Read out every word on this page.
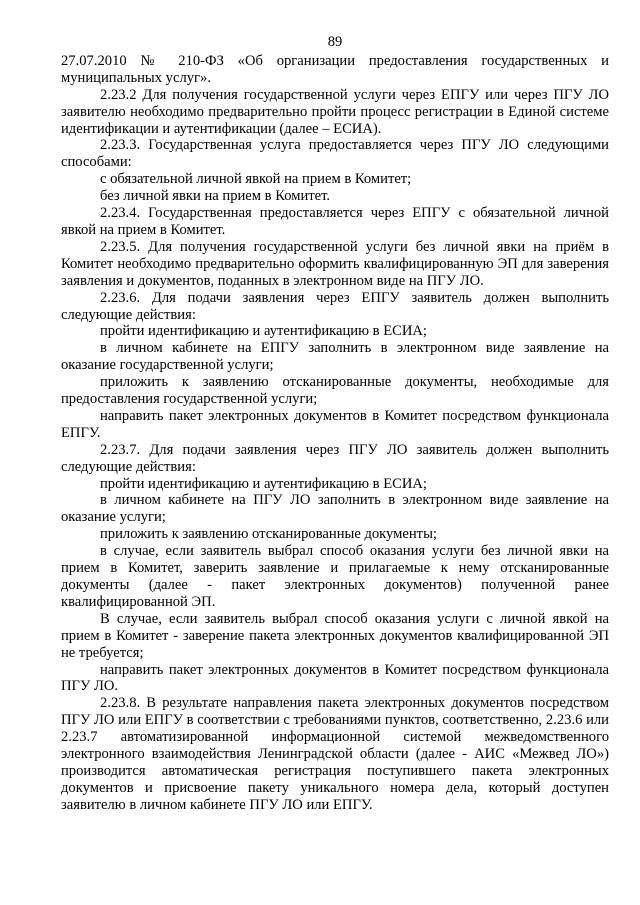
89

27.07.2010 № 210-ФЗ «Об организации предоставления государственных и муниципальных услуг».

2.23.2 Для получения государственной услуги через ЕПГУ или через ПГУ ЛО заявителю необходимо предварительно пройти процесс регистрации в Единой системе идентификации и аутентификации (далее – ЕСИА).

2.23.3. Государственная услуга предоставляется через ПГУ ЛО следующими способами:

с обязательной личной явкой на прием в Комитет;

без личной явки на прием в Комитет.

2.23.4. Государственная предоставляется через ЕПГУ с обязательной личной явкой на прием в Комитет.

2.23.5. Для получения государственной услуги без личной явки на приём в Комитет необходимо предварительно оформить квалифицированную ЭП для заверения заявления и документов, поданных в электронном виде на ПГУ ЛО.

2.23.6. Для подачи заявления через ЕПГУ заявитель должен выполнить следующие действия:

пройти идентификацию и аутентификацию в ЕСИА;

в личном кабинете на ЕПГУ заполнить в электронном виде заявление на оказание государственной услуги;

приложить к заявлению отсканированные документы, необходимые для предоставления государственной услуги;

направить пакет электронных документов в Комитет посредством функционала ЕПГУ.

2.23.7. Для подачи заявления через ПГУ ЛО заявитель должен выполнить следующие действия:

пройти идентификацию и аутентификацию в ЕСИА;

в личном кабинете на ПГУ ЛО заполнить в электронном виде заявление на оказание услуги;

приложить к заявлению отсканированные документы;

в случае, если заявитель выбрал способ оказания услуги без личной явки на прием в Комитет, заверить заявление и прилагаемые к нему отсканированные документы (далее - пакет электронных документов) полученной ранее квалифицированной ЭП.

В случае, если заявитель выбрал способ оказания услуги с личной явкой на прием в Комитет - заверение пакета электронных документов квалифицированной ЭП не требуется;

направить пакет электронных документов в Комитет посредством функционала ПГУ ЛО.

2.23.8. В результате направления пакета электронных документов посредством ПГУ ЛО или ЕПГУ в соответствии с требованиями пунктов, соответственно, 2.23.6 или 2.23.7 автоматизированной информационной системой межведомственного электронного взаимодействия Ленинградской области (далее - АИС «Межвед ЛО») производится автоматическая регистрация поступившего пакета электронных документов и присвоение пакету уникального номера дела, который доступен заявителю в личном кабинете ПГУ ЛО или ЕПГУ.
